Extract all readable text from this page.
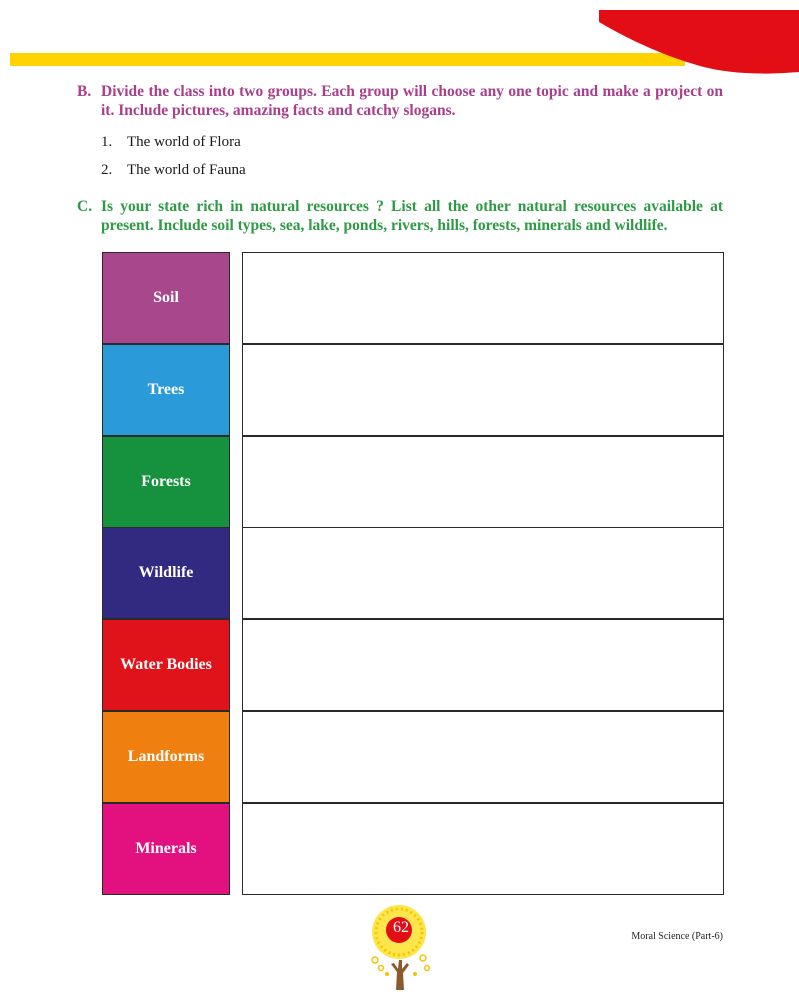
B. Divide the class into two groups. Each group will choose any one topic and make a project on it. Include pictures, amazing facts and catchy slogans.
1. The world of Flora
2. The world of Fauna
C. Is your state rich in natural resources ? List all the other natural resources available at present. Include soil types, sea, lake, ponds, rivers, hills, forests, minerals and wildlife.
Soil
Trees
Forests
Wildlife
Water Bodies
Landforms
Minerals
62
Moral Science (Part-6)
